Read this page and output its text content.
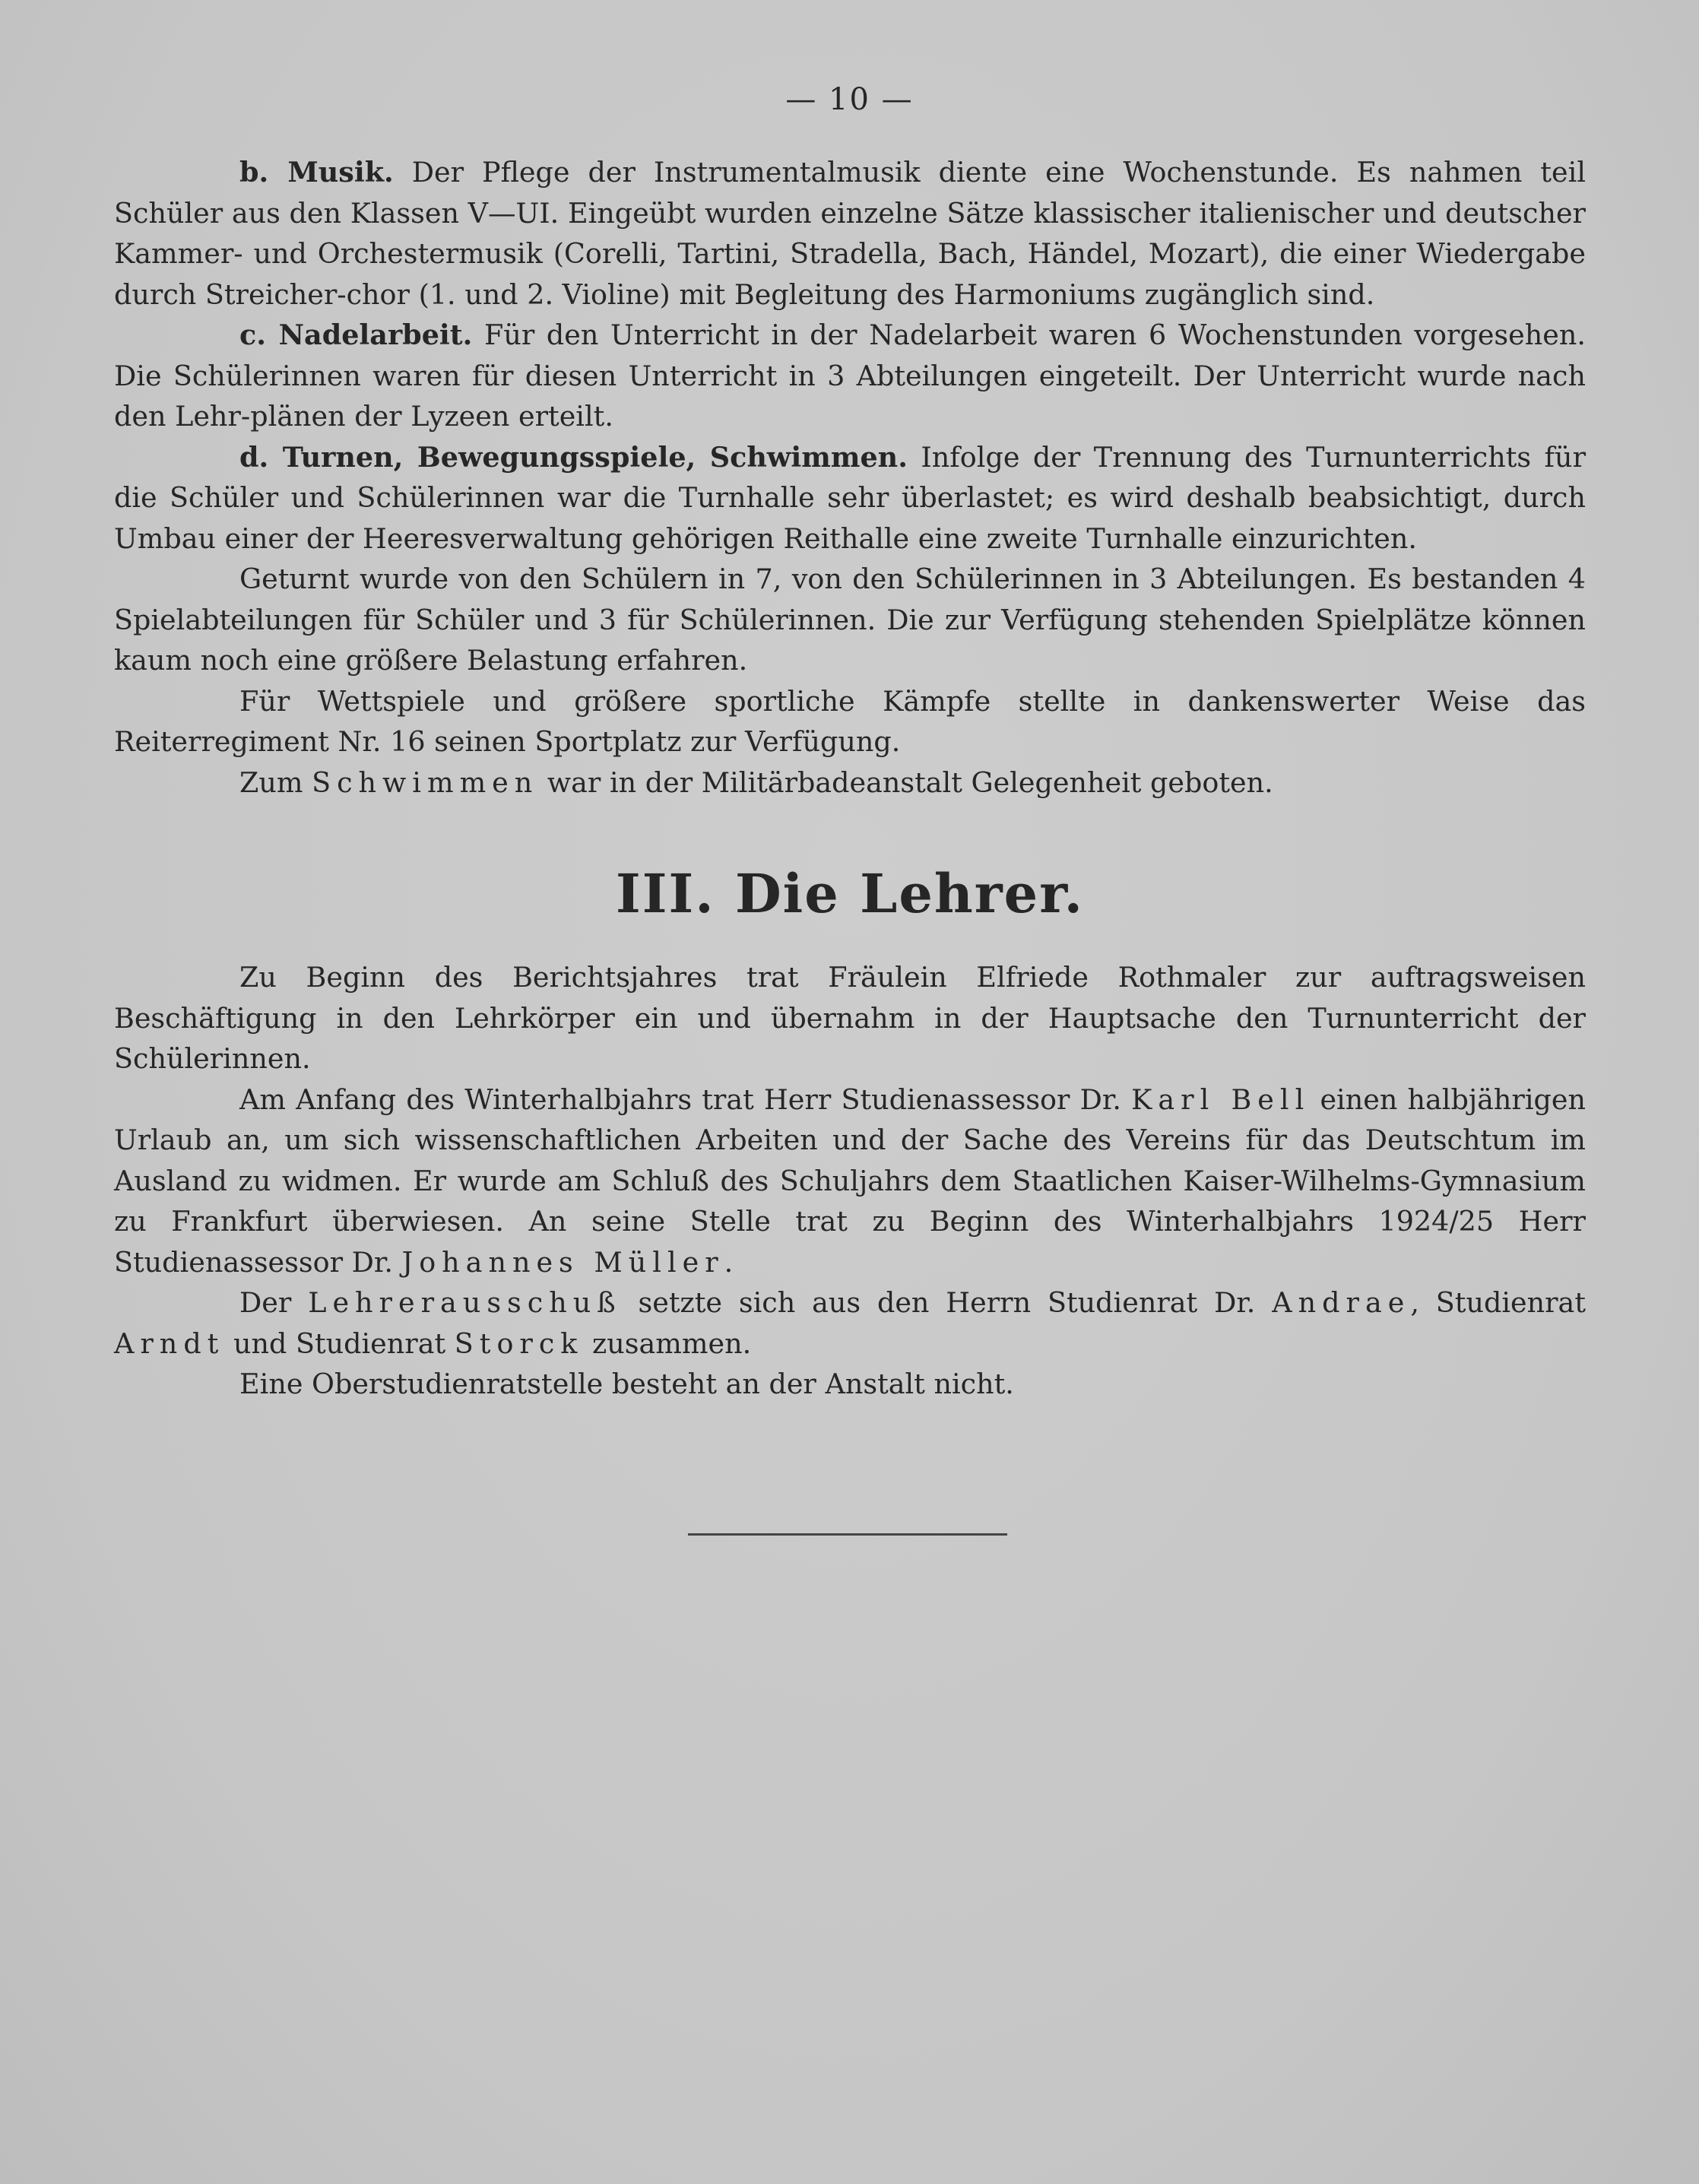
— 10 —

b. Musik. Der Pflege der Instrumentalmusik diente eine Wochenstunde. Es nahmen teil Schüler aus den Klassen V—UI. Eingeübt wurden einzelne Sätze klassischer italienischer und deutscher Kammer- und Orchestermusik (Corelli, Tartini, Stradella, Bach, Händel, Mozart), die einer Wiedergabe durch Streicher-chor (1. und 2. Violine) mit Begleitung des Harmoniums zugänglich sind.

c. Nadelarbeit. Für den Unterricht in der Nadelarbeit waren 6 Wochenstunden vorgesehen. Die Schülerinnen waren für diesen Unterricht in 3 Abteilungen eingeteilt. Der Unterricht wurde nach den Lehr-plänen der Lyzeen erteilt.

d. Turnen, Bewegungsspiele, Schwimmen. Infolge der Trennung des Turnunterrichts für die Schüler und Schülerinnen war die Turnhalle sehr überlastet; es wird deshalb beabsichtigt, durch Umbau einer der Heeresverwaltung gehörigen Reithalle eine zweite Turnhalle einzurichten.

Geturnt wurde von den Schülern in 7, von den Schülerinnen in 3 Abteilungen. Es bestanden 4 Spielabteilungen für Schüler und 3 für Schülerinnen. Die zur Verfügung stehenden Spielplätze können kaum noch eine größere Belastung erfahren.

Für Wettspiele und größere sportliche Kämpfe stellte in dankenswerter Weise das Reiterregiment Nr. 16 seinen Sportplatz zur Verfügung.

Zum Schwimmen war in der Militärbadeanstalt Gelegenheit geboten.

III. Die Lehrer.

Zu Beginn des Berichtsjahres trat Fräulein Elfriede Rothmaler zur auftragsweisen Beschäftigung in den Lehrkörper ein und übernahm in der Hauptsache den Turnunterricht der Schülerinnen.

Am Anfang des Winterhalbjahrs trat Herr Studienassessor Dr. Karl Bell einen halbjährigen Urlaub an, um sich wissenschaftlichen Arbeiten und der Sache des Vereins für das Deutschtum im Ausland zu widmen. Er wurde am Schluß des Schuljahrs dem Staatlichen Kaiser-Wilhelms-Gymnasium zu Frankfurt überwiesen. An seine Stelle trat zu Beginn des Winterhalbjahrs 1924/25 Herr Studienassessor Dr. Johannes Müller.

Der Lehrerausschuß setzte sich aus den Herrn Studienrat Dr. Andrae, Studienrat Arndt und Studienrat Storck zusammen.

Eine Oberstudienratstelle besteht an der Anstalt nicht.
